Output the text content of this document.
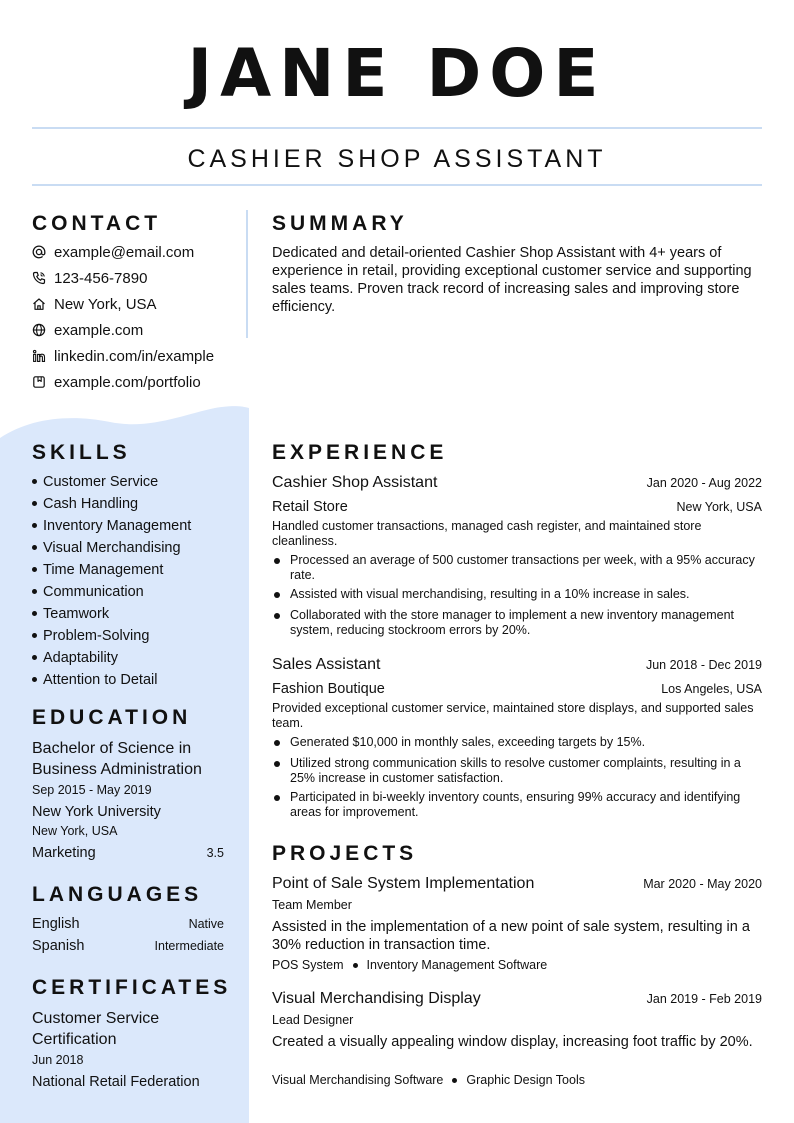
JANE DOE
CASHIER SHOP ASSISTANT
CONTACT
example@email.com
123-456-7890
New York, USA
example.com
linkedin.com/in/example
example.com/portfolio
SKILLS
Customer Service
Cash Handling
Inventory Management
Visual Merchandising
Time Management
Communication
Teamwork
Problem-Solving
Adaptability
Attention to Detail
EDUCATION
Bachelor of Science in Business Administration
Sep 2015 - May 2019
New York University
New York, USA
Marketing	3.5
LANGUAGES
English	Native
Spanish	Intermediate
CERTIFICATES
Customer Service Certification
Jun 2018
National Retail Federation
SUMMARY
Dedicated and detail-oriented Cashier Shop Assistant with 4+ years of experience in retail, providing exceptional customer service and supporting sales teams. Proven track record of increasing sales and improving store efficiency.
EXPERIENCE
Cashier Shop Assistant	Jan 2020 - Aug 2022
Retail Store	New York, USA
Handled customer transactions, managed cash register, and maintained store cleanliness.
Processed an average of 500 customer transactions per week, with a 95% accuracy rate.
Assisted with visual merchandising, resulting in a 10% increase in sales.
Collaborated with the store manager to implement a new inventory management system, reducing stockroom errors by 20%.
Sales Assistant	Jun 2018 - Dec 2019
Fashion Boutique	Los Angeles, USA
Provided exceptional customer service, maintained store displays, and supported sales team.
Generated $10,000 in monthly sales, exceeding targets by 15%.
Utilized strong communication skills to resolve customer complaints, resulting in a 25% increase in customer satisfaction.
Participated in bi-weekly inventory counts, ensuring 99% accuracy and identifying areas for improvement.
PROJECTS
Point of Sale System Implementation	Mar 2020 - May 2020
Team Member
Assisted in the implementation of a new point of sale system, resulting in a 30% reduction in transaction time.
POS System Inventory Management Software
Visual Merchandising Display	Jan 2019 - Feb 2019
Lead Designer
Created a visually appealing window display, increasing foot traffic by 20%.
Visual Merchandising Software Graphic Design Tools
